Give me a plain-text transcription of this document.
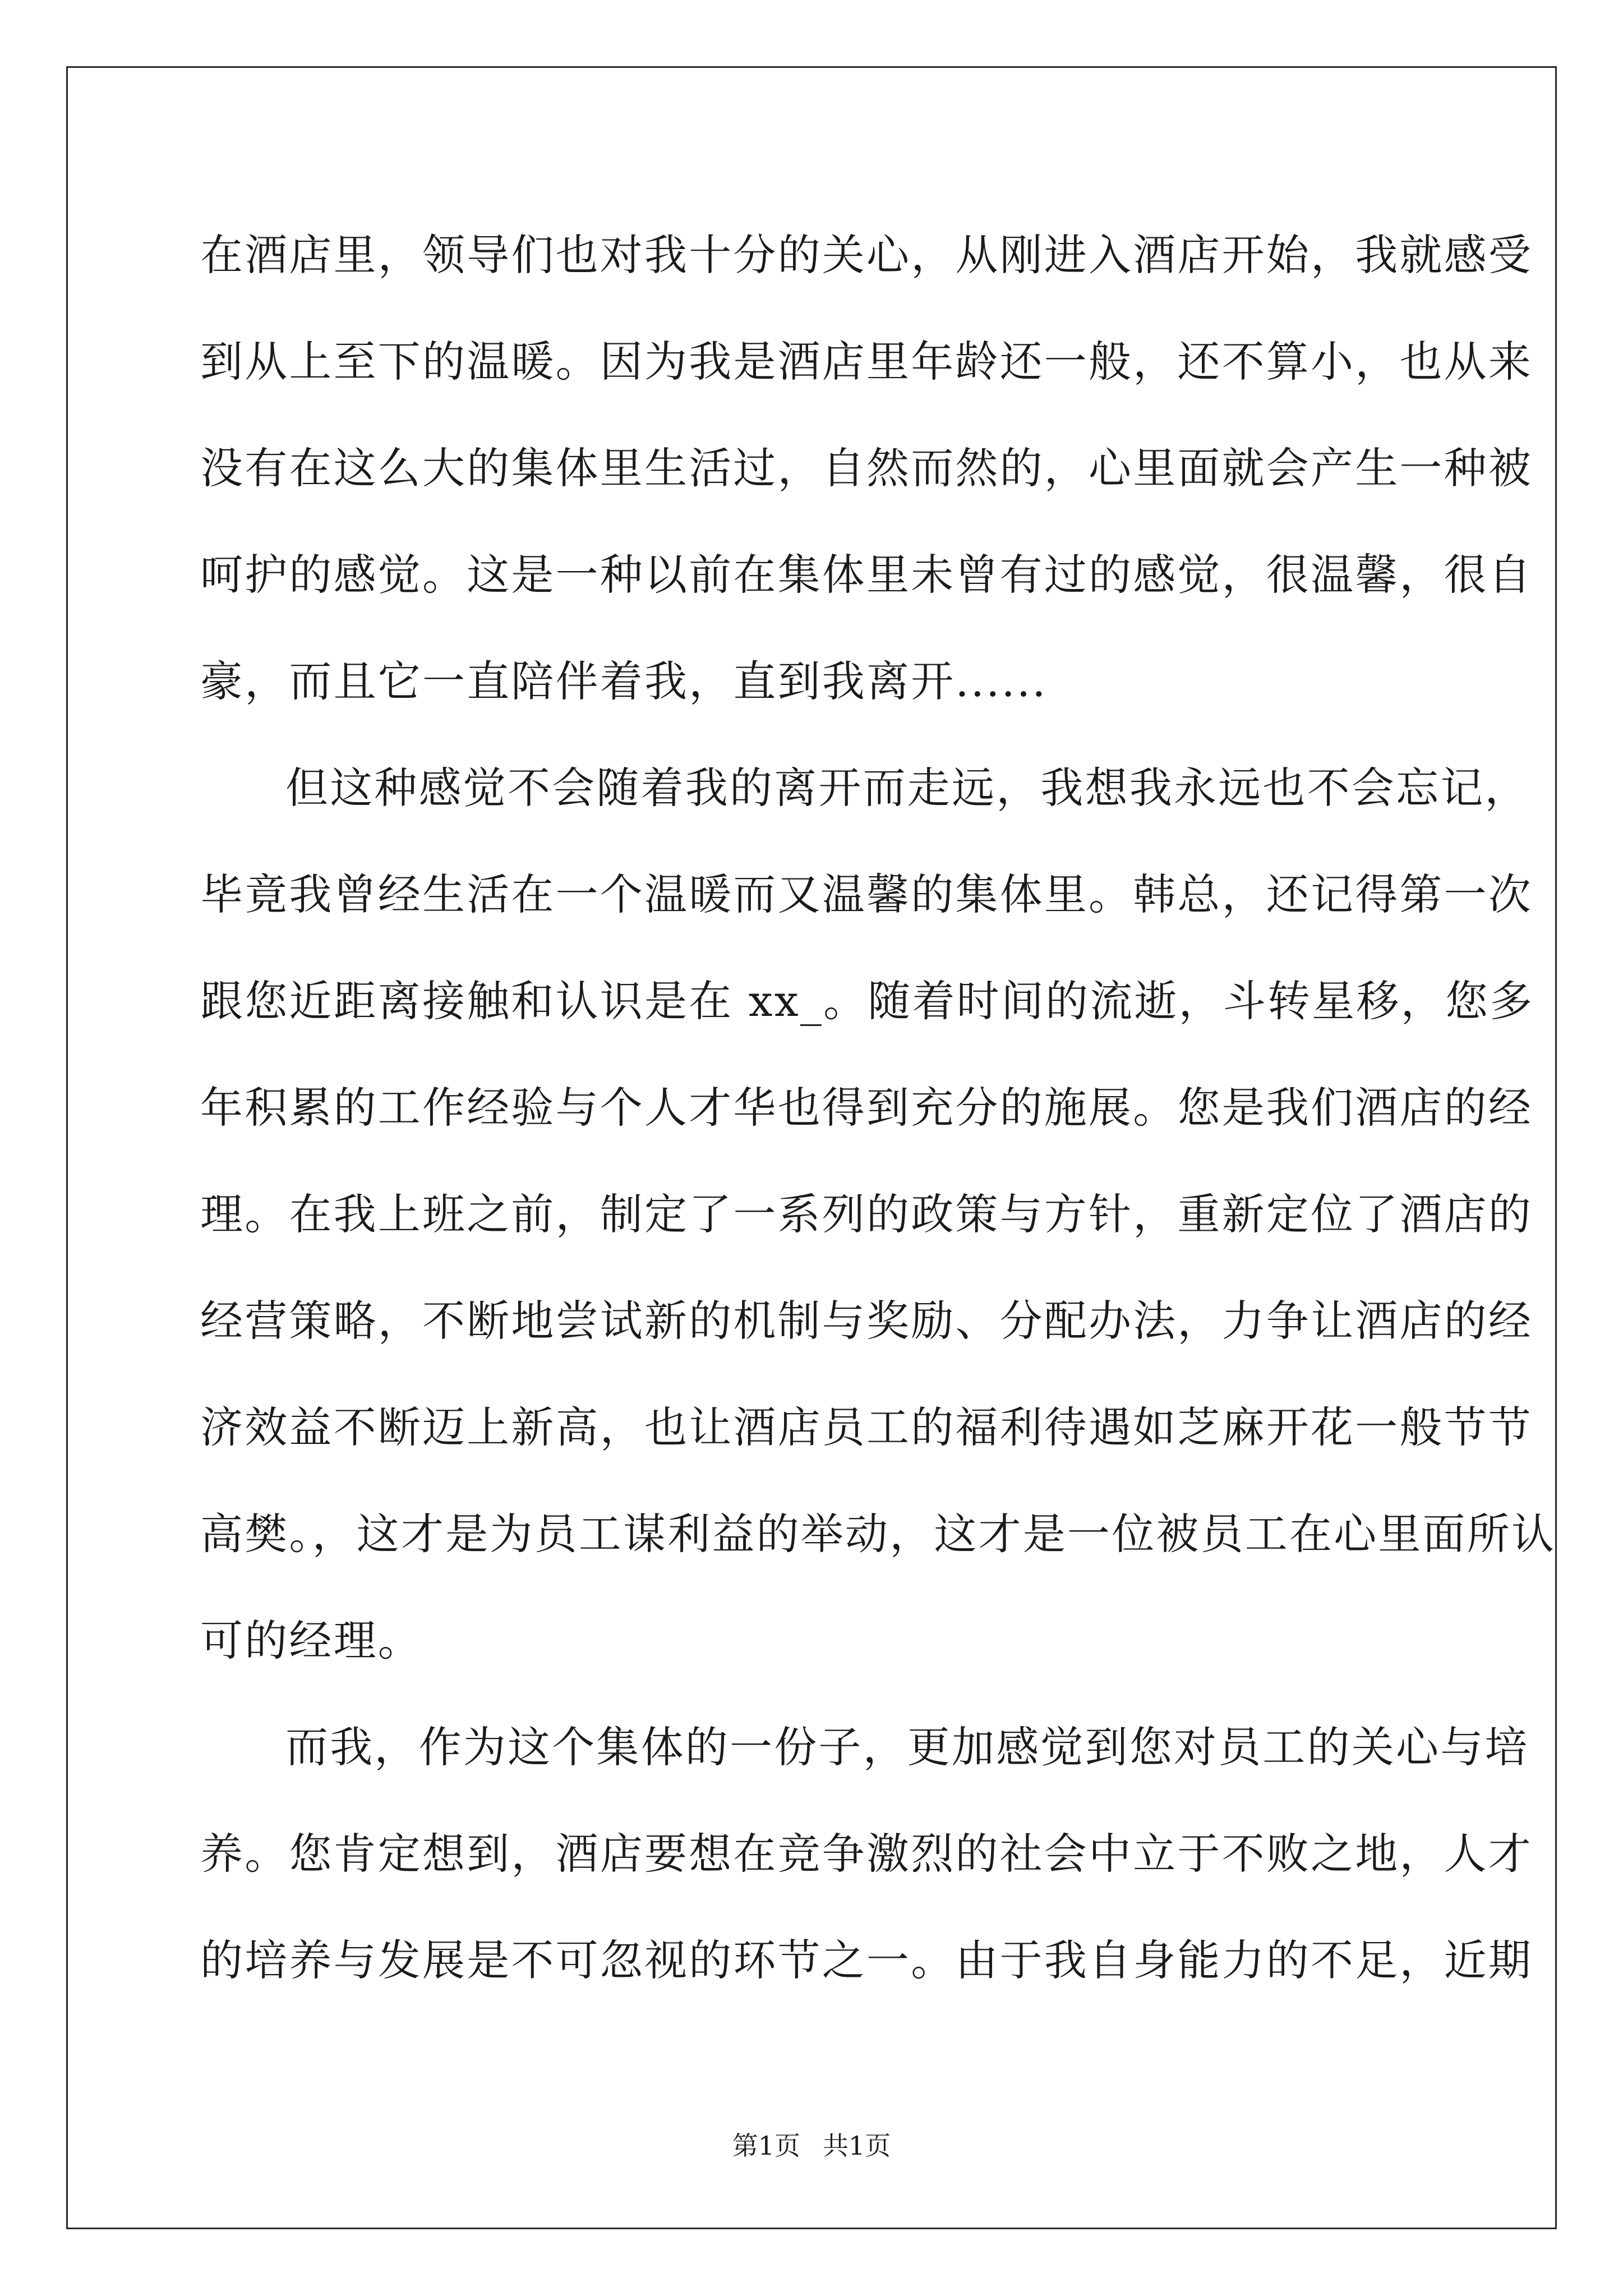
在酒店里，领导们也对我十分的关心，从刚进入酒店开始，我就感受
到从上至下的温暖。因为我是酒店里年龄还一般，还不算小，也从来
没有在这么大的集体里生活过，自然而然的，心里面就会产生一种被
呵护的感觉。这是一种以前在集体里未曾有过的感觉，很温馨，很自
豪，而且它一直陪伴着我，直到我离开......
但这种感觉不会随着我的离开而走远，我想我永远也不会忘记，
毕竟我曾经生活在一个温暖而又温馨的集体里。韩总，还记得第一次
跟您近距离接触和认识是在 xx_。随着时间的流逝，斗转星移，您多
年积累的工作经验与个人才华也得到充分的施展。您是我们酒店的经
理。在我上班之前，制定了一系列的政策与方针，重新定位了酒店的
经营策略，不断地尝试新的机制与奖励、分配办法，力争让酒店的经
济效益不断迈上新高，也让酒店员工的福利待遇如芝麻开花一般节节
高樊。，这才是为员工谋利益的举动，这才是一位被员工在心里面所认
可的经理。
而我，作为这个集体的一份子，更加感觉到您对员工的关心与培
养。您肯定想到，酒店要想在竞争激烈的社会中立于不败之地，人才
的培养与发展是不可忽视的环节之一。由于我自身能力的不足，近期
第1页 共1页
